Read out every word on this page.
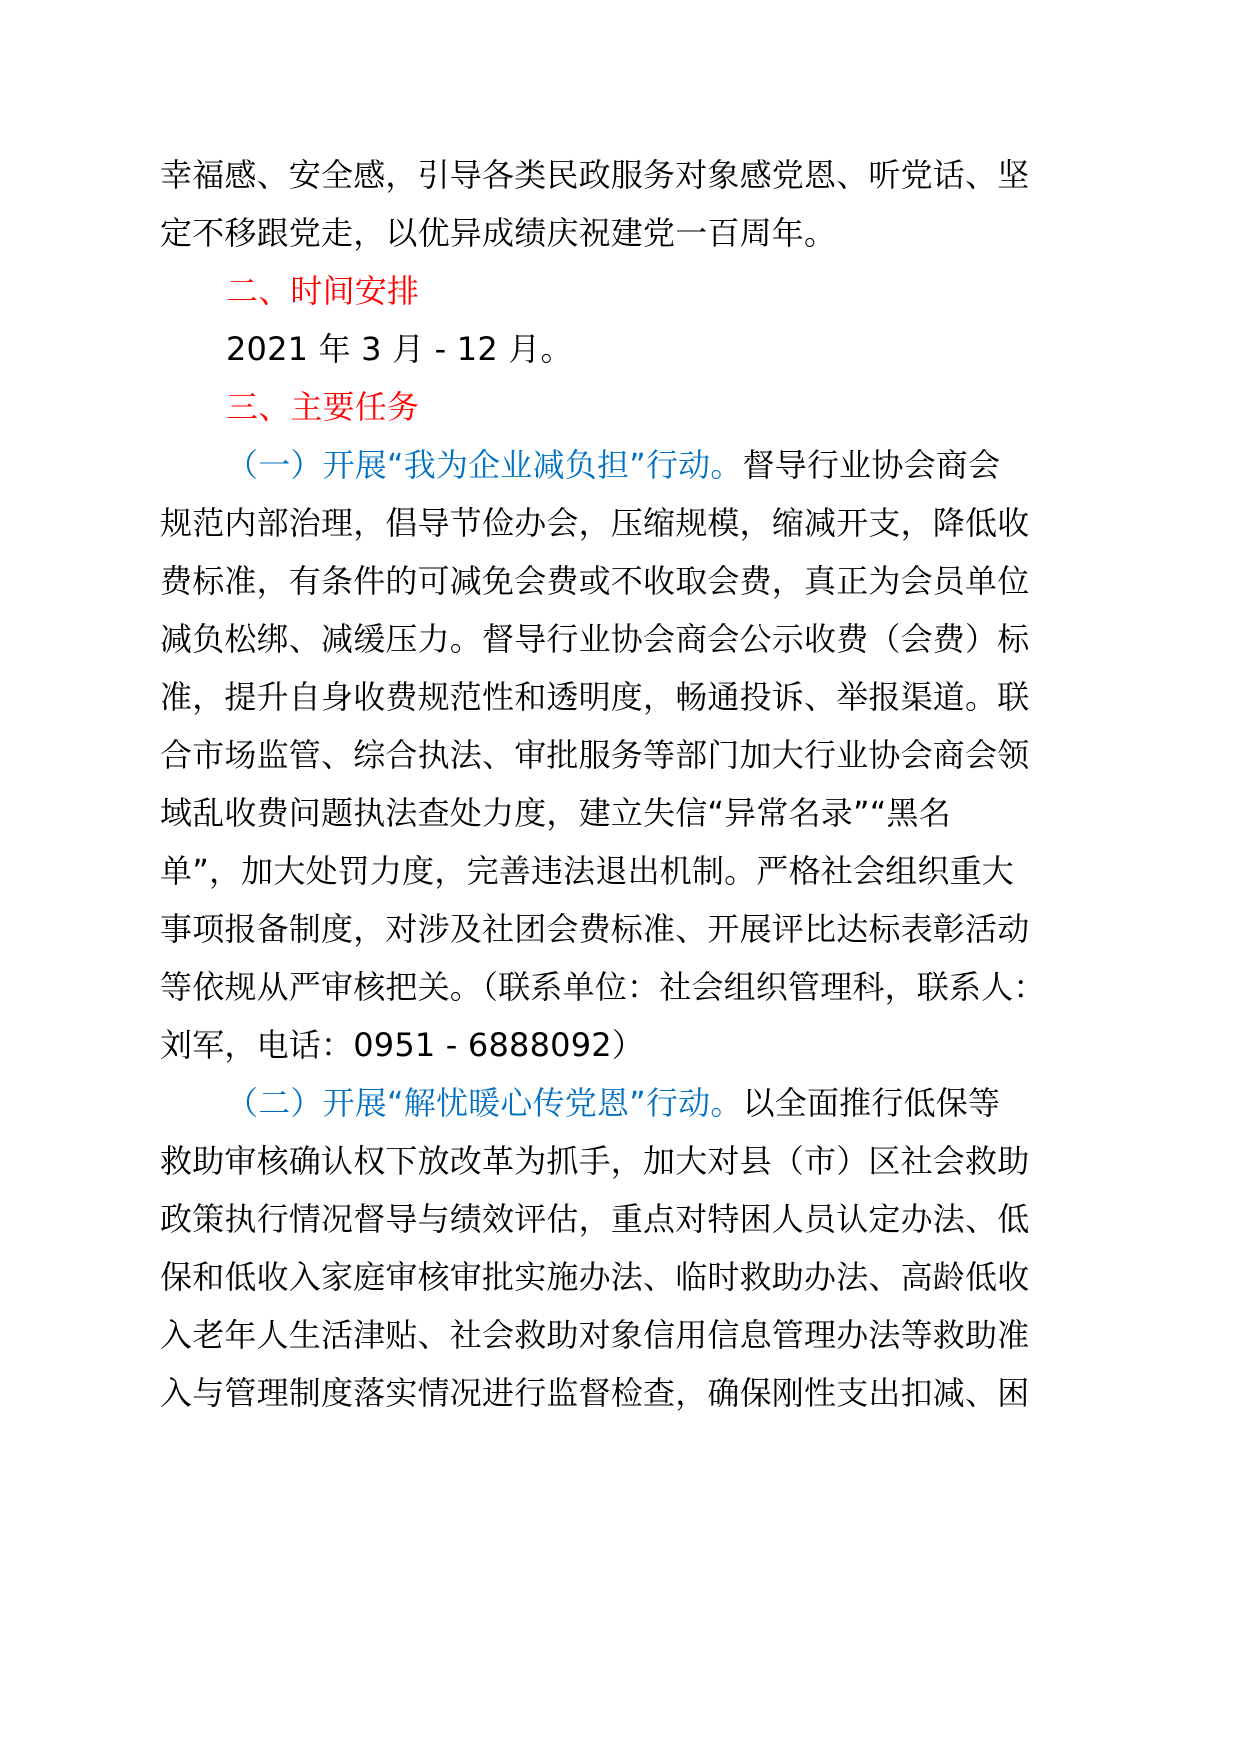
幸福感、安全感，引导各类民政服务对象感党恩、听党话、坚
定不移跟党走，以优异成绩庆祝建党一百周年。
二、时间安排
2021 年 3 月 - 12 月。
三、主要任务
（一）开展“我为企业减负担”行动。督导行业协会商会
规范内部治理，倡导节俭办会，压缩规模，缩减开支，降低收
费标准，有条件的可减免会费或不收取会费，真正为会员单位
减负松绑、减缓压力。督导行业协会商会公示收费（会费）标
准，提升自身收费规范性和透明度，畅通投诉、举报渠道。联
合市场监管、综合执法、审批服务等部门加大行业协会商会领
域乱收费问题执法查处力度，建立失信“异常名录”“黑名
单”，加大处罚力度，完善违法退出机制。严格社会组织重大
事项报备制度，对涉及社团会费标准、开展评比达标表彰活动
等依规从严审核把关。（联系单位：社会组织管理科，联系人：
刘军，电话：0951 - 6888092）
（二）开展“解忧暖心传党恩”行动。以全面推行低保等
救助审核确认权下放改革为抓手，加大对县（市）区社会救助
政策执行情况督导与绩效评估，重点对特困人员认定办法、低
保和低收入家庭审核审批实施办法、临时救助办法、高龄低收
入老年人生活津贴、社会救助对象信用信息管理办法等救助准
入与管理制度落实情况进行监督检查，确保刚性支出扣减、困
